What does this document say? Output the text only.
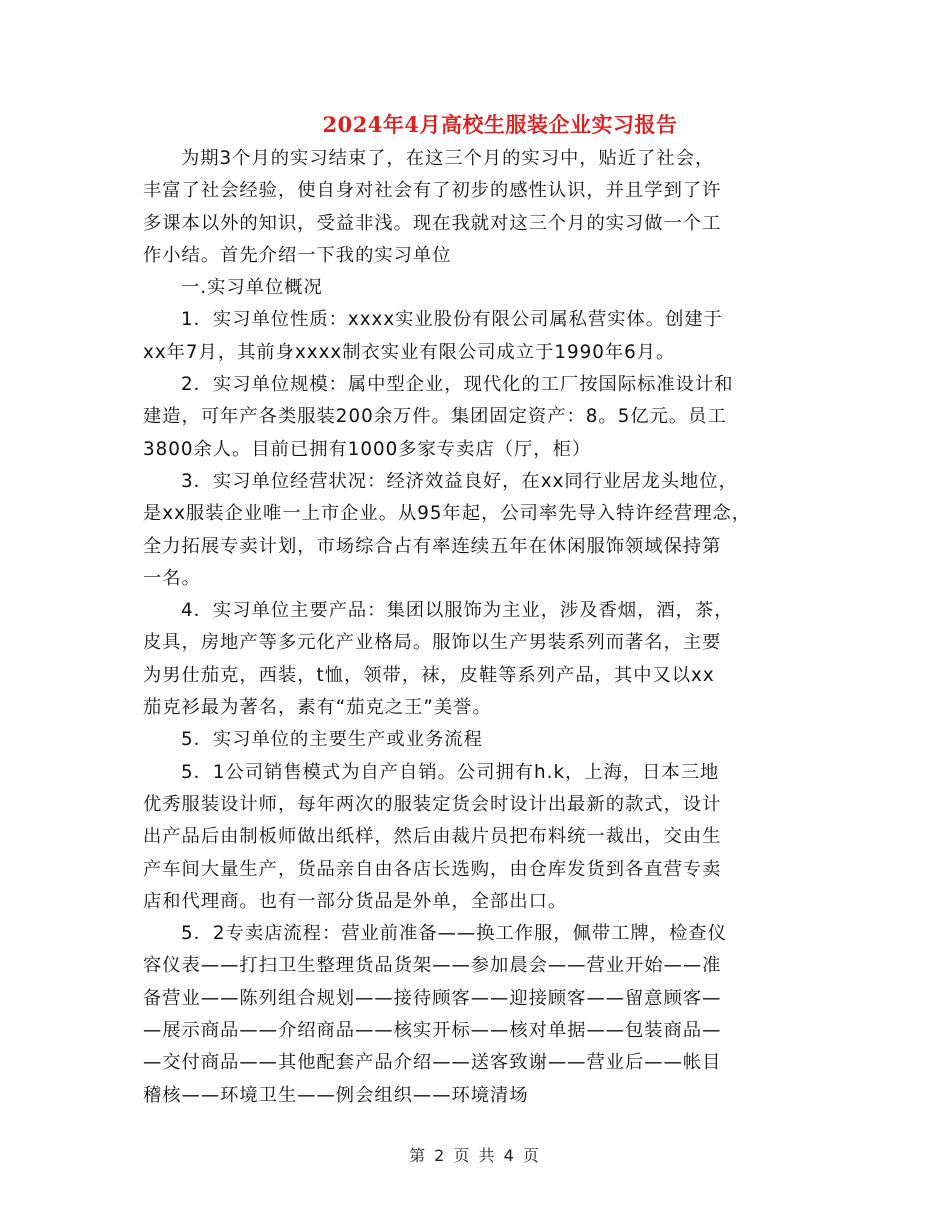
2024年4月高校生服装企业实习报告
为期3个月的实习结束了，在这三个月的实习中，贴近了社会，
丰富了社会经验，使自身对社会有了初步的感性认识，并且学到了许
多课本以外的知识，受益非浅。现在我就对这三个月的实习做一个工
作小结。首先介绍一下我的实习单位
一.实习单位概况
1．实习单位性质：xxxx实业股份有限公司属私营实体。创建于
xx年7月，其前身xxxx制衣实业有限公司成立于1990年6月。
2．实习单位规模：属中型企业，现代化的工厂按国际标准设计和
建造，可年产各类服装200余万件。集团固定资产：8。5亿元。员工
3800余人。目前已拥有1000多家专卖店（厅，柜）
3．实习单位经营状况：经济效益良好，在xx同行业居龙头地位，
是xx服装企业唯一上市企业。从95年起，公司率先导入特许经营理念，
全力拓展专卖计划，市场综合占有率连续五年在休闲服饰领域保持第
一名。
4．实习单位主要产品：集团以服饰为主业，涉及香烟，酒，茶，
皮具，房地产等多元化产业格局。服饰以生产男装系列而著名，主要
为男仕茄克，西装，t恤，领带，袜，皮鞋等系列产品，其中又以xx
茄克衫最为著名，素有“茄克之王”美誉。
5．实习单位的主要生产或业务流程
5．1公司销售模式为自产自销。公司拥有h.k，上海，日本三地
优秀服装设计师，每年两次的服装定货会时设计出最新的款式，设计
出产品后由制板师做出纸样，然后由裁片员把布料统一裁出，交由生
产车间大量生产，货品亲自由各店长选购，由仓库发货到各直营专卖
店和代理商。也有一部分货品是外单，全部出口。
5．2专卖店流程：营业前准备——换工作服，佩带工牌，检查仪
容仪表——打扫卫生整理货品货架——参加晨会——营业开始——准
备营业——陈列组合规划——接待顾客——迎接顾客——留意顾客—
—展示商品——介绍商品——核实开标——核对单据——包装商品—
—交付商品——其他配套产品介绍——送客致谢——营业后——帐目
稽核——环境卫生——例会组织——环境清场
第 2 页 共 4 页
